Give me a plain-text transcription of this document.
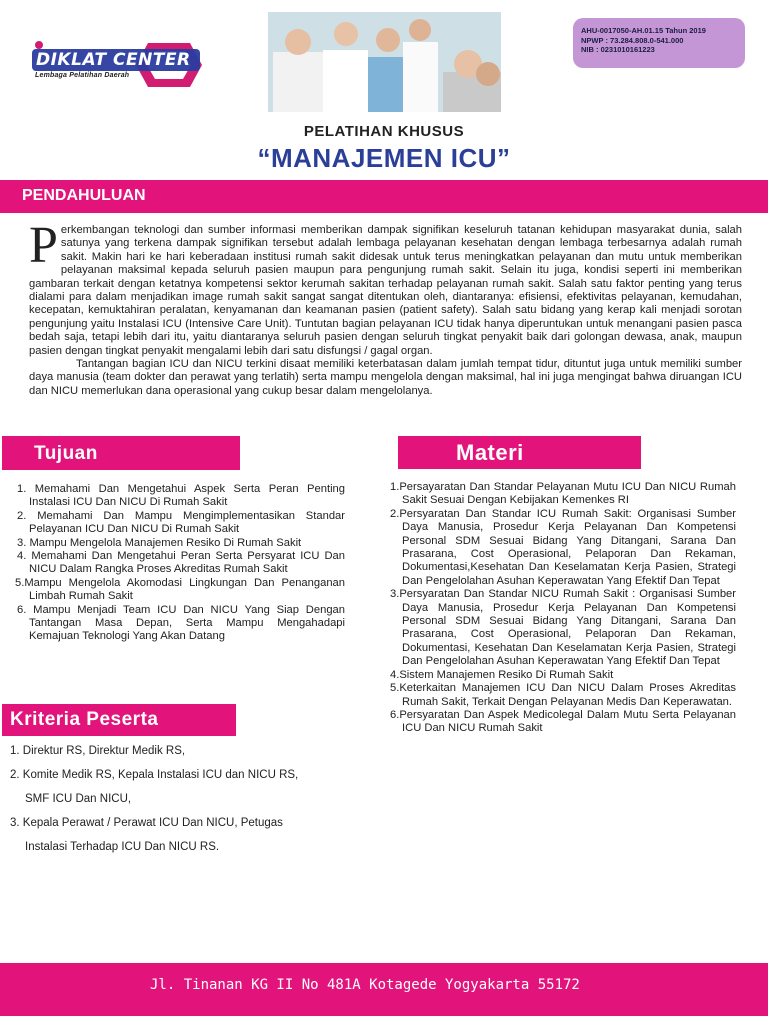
DIKLAT CENTER
Lembaga Pelatihan Daerah
AHU-0017050-AH.01.15 Tahun 2019
NPWP : 73.284.808.0-541.000
NIB : 0231010161223
PELATIHAN KHUSUS
“MANAJEMEN ICU”
PENDAHULUAN
P erkembangan teknologi dan sumber informasi memberikan dampak signifikan keseluruh tatanan kehidupan masyarakat dunia, salah satunya yang terkena dampak signifikan tersebut adalah lembaga pelayanan kesehatan dengan lembaga terbesarnya adalah rumah sakit. Makin hari ke hari keberadaan institusi rumah sakit didesak untuk terus meningkatkan pelayanan dan mutu untuk memberikan pelayanan maksimal kepada seluruh pasien maupun para pengunjung rumah sakit. Selain itu juga, kondisi seperti ini memberikan gambaran terkait dengan ketatnya kompetensi sektor kerumah sakitan terhadap pelayanan rumah sakit. Salah satu faktor penting yang terus dialami para dalam menjadikan image rumah sakit sangat sangat ditentukan oleh, diantaranya: efisiensi, efektivitas pelayanan, kemudahan, kecepatan, kemuktahiran peralatan, kenyamanan dan keamanan pasien (patient safety). Salah satu bidang yang kerap kali menjadi sorotan pengunjung yaitu Instalasi ICU (Intensive Care Unit). Tuntutan bagian pelayanan ICU tidak hanya diperuntukan untuk menangani pasien pasca bedah saja, tetapi lebih dari itu, yaitu diantaranya seluruh pasien dengan seluruh tingkat penyakit baik dari golongan dewasa, anak, maupun pasien dengan tingkat penyakit mengalami lebih dari satu disfungsi / gagal organ.

Tantangan bagian ICU dan NICU terkini disaat memiliki keterbatasan dalam jumlah tempat tidur, dituntut juga untuk memiliki sumber daya manusia (team dokter dan perawat yang terlatih) serta mampu mengelola dengan maksimal, hal ini juga mengingat bahwa diruangan ICU dan NICU memerlukan dana operasional yang cukup besar dalam mengelolanya.

Tujuan
1. Memahami Dan Mengetahui Aspek Serta Peran Penting Instalasi ICU Dan NICU Di Rumah Sakit
2. Memahami Dan Mampu Mengimplementasikan Standar Pelayanan ICU Dan NICU Di Rumah Sakit
3. Mampu Mengelola Manajemen Resiko Di Rumah Sakit
4. Memahami Dan Mengetahui Peran Serta Persyarat ICU Dan NICU Dalam Rangka Proses Akreditas Rumah Sakit
5.Mampu Mengelola Akomodasi Lingkungan Dan Penanganan Limbah Rumah Sakit
6. Mampu Menjadi Team ICU Dan NICU Yang Siap Dengan Tantangan Masa Depan, Serta Mampu Mengahadapi Kemajuan Teknologi Yang Akan Datang
Materi
1.Persayaratan Dan Standar Pelayanan Mutu ICU Dan NICU Rumah Sakit Sesuai Dengan Kebijakan Kemenkes RI
2.Persyaratan Dan Standar ICU Rumah Sakit: Organisasi Sumber Daya Manusia, Prosedur Kerja Pelayanan Dan Kompetensi Personal SDM Sesuai Bidang Yang Ditangani, Sarana Dan Prasarana, Cost Operasional, Pelaporan Dan Rekaman, Dokumentasi,Kesehatan Dan Keselamatan Kerja Pasien, Strategi Dan Pengelolahan Asuhan Keperawatan Yang Efektif Dan Tepat
3.Persyaratan Dan Standar NICU Rumah Sakit : Organisasi Sumber Daya Manusia, Prosedur Kerja Pelayanan Dan Kompetensi Personal SDM Sesuai Bidang Yang Ditangani, Sarana Dan Prasarana, Cost Operasional, Pelaporan Dan Rekaman, Dokumentasi, Kesehatan Dan Keselamatan Kerja Pasien, Strategi Dan Pengelolahan Asuhan Keperawatan Yang Efektif Dan Tepat
4.Sistem Manajemen Resiko Di Rumah Sakit
5.Keterkaitan Manajemen ICU Dan NICU Dalam Proses Akreditas Rumah Sakit, Terkait Dengan Pelayanan Medis Dan Keperawatan.
6.Persyaratan Dan Aspek Medicolegal Dalam Mutu Serta Pelayanan ICU Dan NICU Rumah Sakit
Kriteria Peserta
1. Direktur RS, Direktur Medik RS,
2. Komite Medik RS, Kepala Instalasi ICU dan NICU RS,
SMF ICU Dan NICU,
3. Kepala Perawat / Perawat ICU Dan NICU, Petugas
Instalasi Terhadap ICU Dan NICU RS.
Jl. Tinanan KG II No 481A Kotagede Yogyakarta 55172
